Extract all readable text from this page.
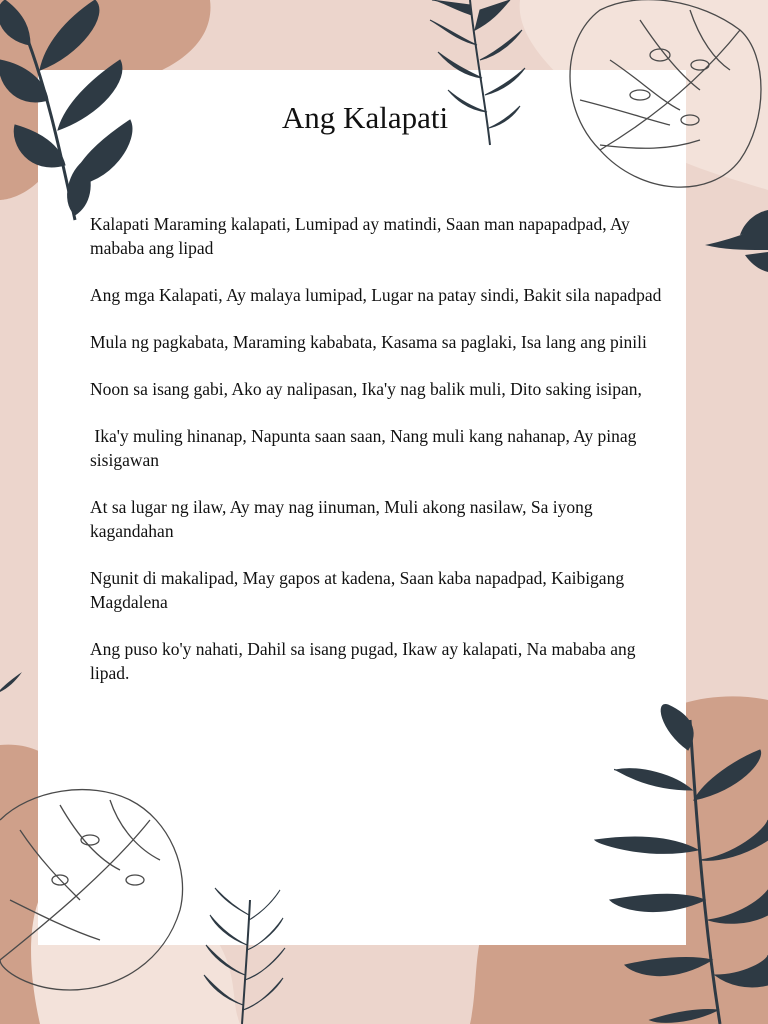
Ang Kalapati

Kalapati Maraming kalapati, Lumipad ay matindi, Saan man napapadpad, Ay mababa ang lipad

Ang mga Kalapati, Ay malaya lumipad, Lugar na patay sindi, Bakit sila napadpad

Mula ng pagkabata, Maraming kababata, Kasama sa paglaki, Isa lang ang pinili

Noon sa isang gabi, Ako ay nalipasan, Ika'y nag balik muli, Dito saking isipan,

Ika'y muling hinanap, Napunta saan saan, Nang muli kang nahanap, Ay pinag sisigawan

At sa lugar ng ilaw, Ay may nag iinuman, Muli akong nasilaw, Sa iyong kagandahan

Ngunit di makalipad, May gapos at kadena, Saan kaba napadpad, Kaibigang Magdalena

Ang puso ko'y nahati, Dahil sa isang pugad, Ikaw ay kalapati, Na mababa ang lipad.
